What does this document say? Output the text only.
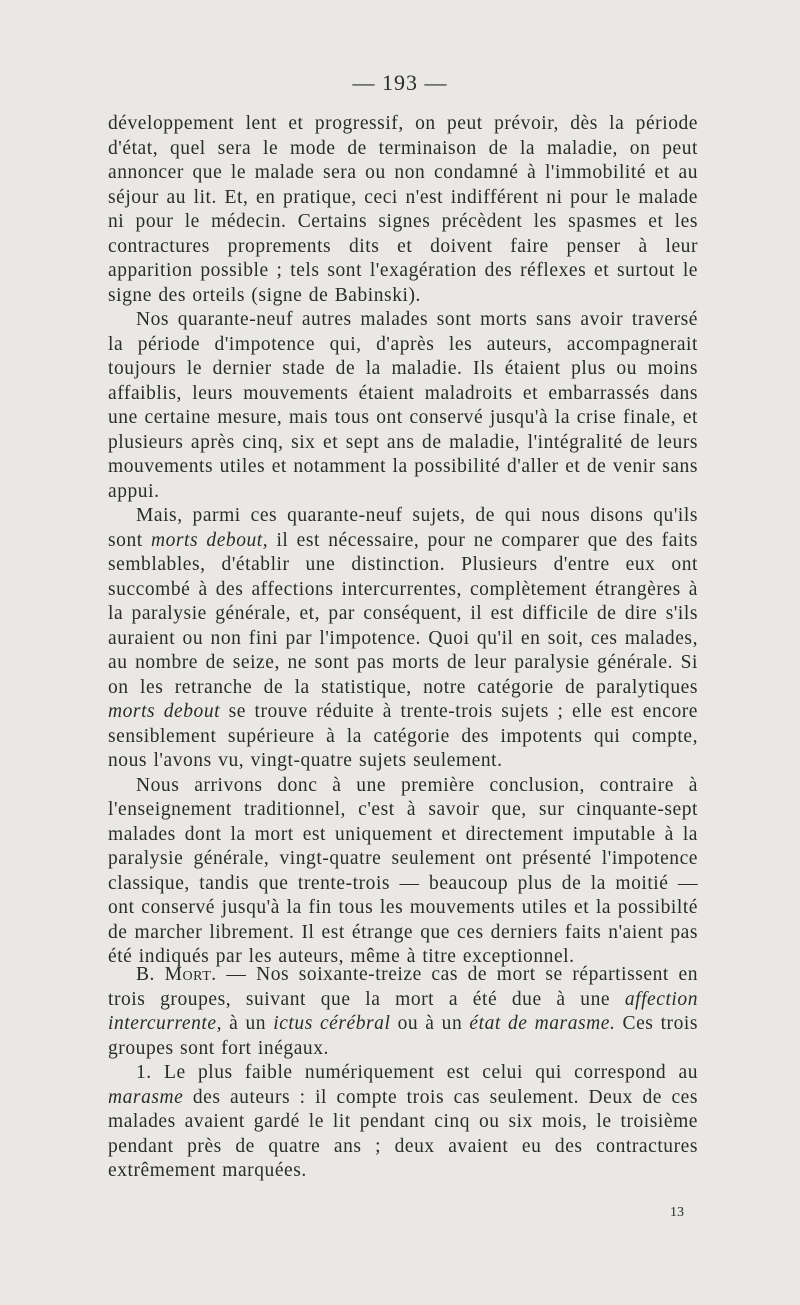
— 193 —

développement lent et progressif, on peut prévoir, dès la période d'état, quel sera le mode de terminaison de la maladie, on peut annoncer que le malade sera ou non condamné à l'immobilité et au séjour au lit. Et, en pratique, ceci n'est indifférent ni pour le malade ni pour le médecin. Certains signes précèdent les spasmes et les contractures proprements dits et doivent faire penser à leur apparition possible ; tels sont l'exagération des réflexes et surtout le signe des orteils (signe de Babinski).

Nos quarante-neuf autres malades sont morts sans avoir traversé la période d'impotence qui, d'après les auteurs, accompagnerait toujours le dernier stade de la maladie. Ils étaient plus ou moins affaiblis, leurs mouvements étaient maladroits et embarrassés dans une certaine mesure, mais tous ont conservé jusqu'à la crise finale, et plusieurs après cinq, six et sept ans de maladie, l'intégralité de leurs mouvements utiles et notamment la possibilité d'aller et de venir sans appui.

Mais, parmi ces quarante-neuf sujets, de qui nous disons qu'ils sont morts debout, il est nécessaire, pour ne comparer que des faits semblables, d'établir une distinction. Plusieurs d'entre eux ont succombé à des affections intercurrentes, complètement étrangères à la paralysie générale, et, par conséquent, il est difficile de dire s'ils auraient ou non fini par l'impotence. Quoi qu'il en soit, ces malades, au nombre de seize, ne sont pas morts de leur paralysie générale. Si on les retranche de la statistique, notre catégorie de paralytiques morts debout se trouve réduite à trente-trois sujets ; elle est encore sensiblement supérieure à la catégorie des impotents qui compte, nous l'avons vu, vingt-quatre sujets seulement.

Nous arrivons donc à une première conclusion, contraire à l'enseignement traditionnel, c'est à savoir que, sur cinquante-sept malades dont la mort est uniquement et directement imputable à la paralysie générale, vingt-quatre seulement ont présenté l'impotence classique, tandis que trente-trois — beaucoup plus de la moitié — ont conservé jusqu'à la fin tous les mouvements utiles et la possibilté de marcher librement. Il est étrange que ces derniers faits n'aient pas été indiqués par les auteurs, même à titre exceptionnel.

B. Mort. — Nos soixante-treize cas de mort se répartissent en trois groupes, suivant que la mort a été due à une affection intercurrente, à un ictus cérébral ou à un état de marasme. Ces trois groupes sont fort inégaux.

1. Le plus faible numériquement est celui qui correspond au marasme des auteurs : il compte trois cas seulement. Deux de ces malades avaient gardé le lit pendant cinq ou six mois, le troisième pendant près de quatre ans ; deux avaient eu des contractures extrêmement marquées.

13
